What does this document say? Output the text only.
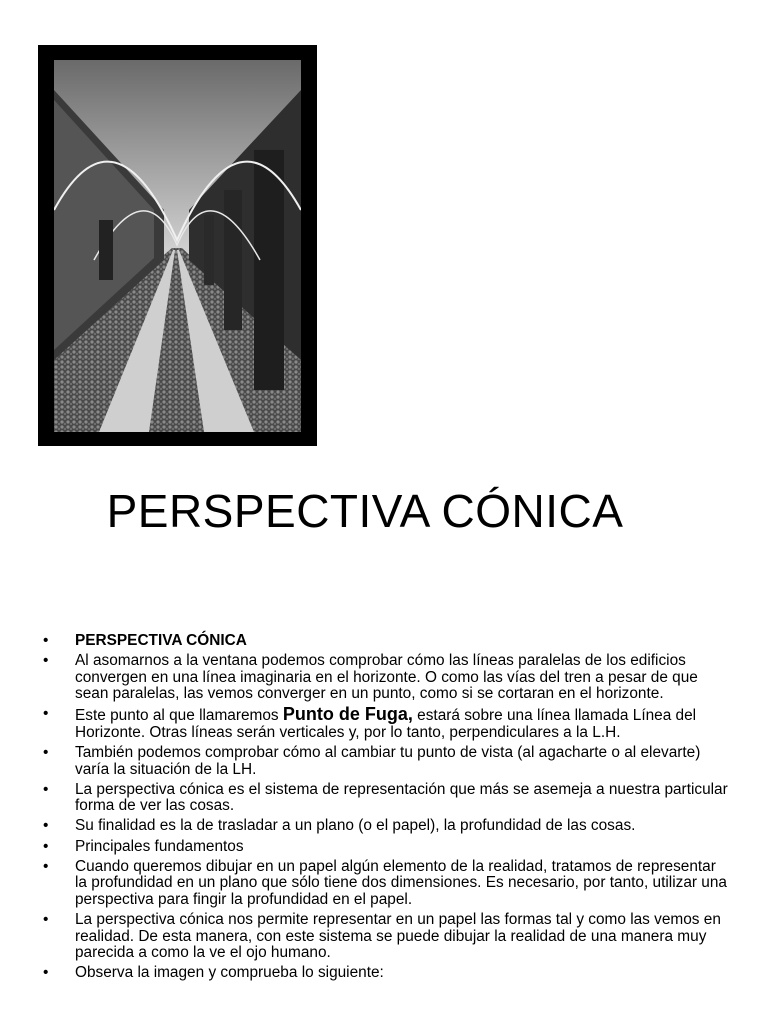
PERSPECTIVA CÓNICA
• PERSPECTIVA CÓNICA
• Al asomarnos a la ventana podemos comprobar cómo las líneas paralelas de los edificios convergen en una línea imaginaria en el horizonte. O como las vías del tren a pesar de que sean paralelas, las vemos converger en un punto, como si se cortaran en el horizonte.
• Este punto al que llamaremos Punto de Fuga, estará sobre una línea llamada Línea del Horizonte. Otras líneas serán verticales y, por lo tanto, perpendiculares a la L.H.
• También podemos comprobar cómo al cambiar tu punto de vista (al agacharte o al elevarte) varía la situación de la LH.
• La perspectiva cónica es el sistema de representación que más se asemeja a nuestra particular forma de ver las cosas.
• Su finalidad es la de trasladar a un plano (o el papel), la profundidad de las cosas.
• Principales fundamentos
• Cuando queremos dibujar en un papel algún elemento de la realidad, tratamos de representar la profundidad en un plano que sólo tiene dos dimensiones. Es necesario, por tanto, utilizar una perspectiva para fingir la profundidad en el papel.
• La perspectiva cónica nos permite representar en un papel las formas tal y como las vemos en realidad. De esta manera, con este sistema se puede dibujar la realidad de una manera muy parecida a como la ve el ojo humano.
• Observa la imagen y comprueba lo siguiente:
